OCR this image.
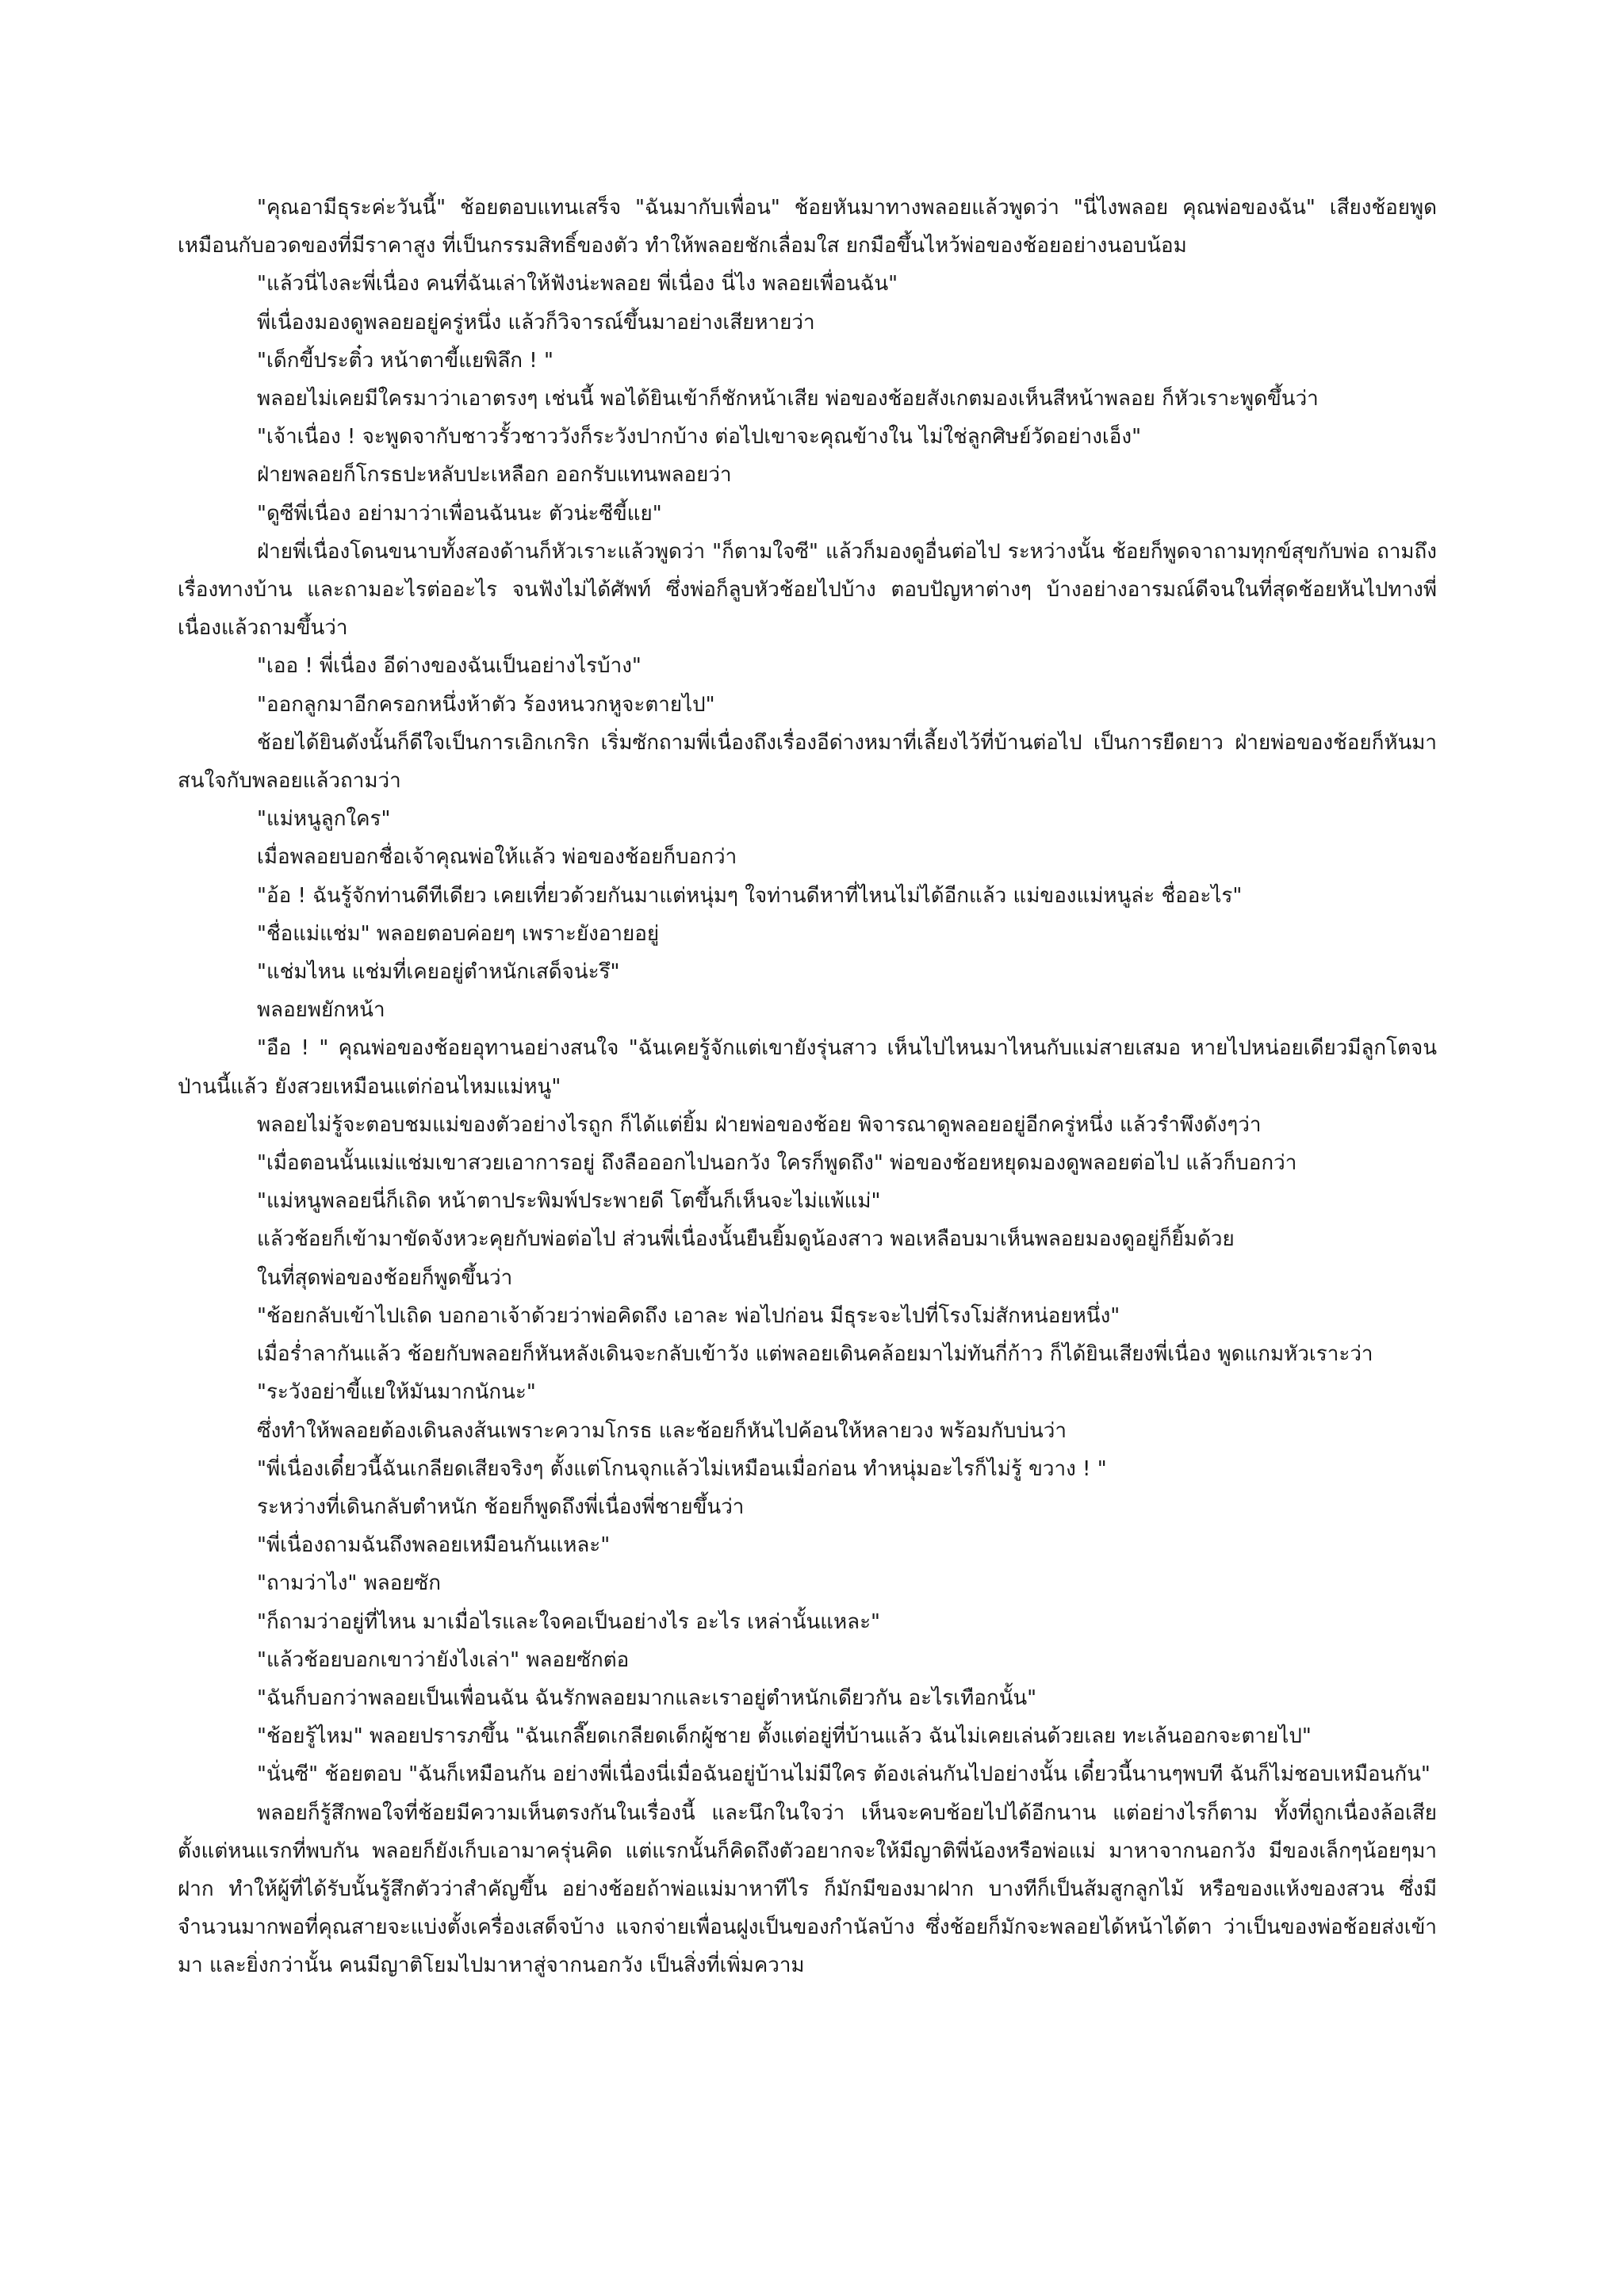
"คุณอามีธุระค่ะวันนี้" ช้อยตอบแทนเสร็จ "ฉันมากับเพื่อน" ช้อยหันมาทางพลอยแล้วพูดว่า "นี่ไงพลอย คุณพ่อของฉัน" เสียงช้อยพูดเหมือนกับอวดของที่มีราคาสูง ที่เป็นกรรมสิทธิ์ของตัว ทำให้พลอยชักเลื่อมใส ยกมือขึ้นไหว้พ่อของช้อยอย่างนอบน้อม

"แล้วนี่ไงละพี่เนื่อง คนที่ฉันเล่าให้ฟังน่ะพลอย พี่เนื่อง นี่ไง พลอยเพื่อนฉัน"

พี่เนื่องมองดูพลอยอยู่ครู่หนึ่ง แล้วก็วิจารณ์ขึ้นมาอย่างเสียหายว่า

"เด็กขี้ประติ๋ว หน้าตาขี้แยพิลึก ! "

พลอยไม่เคยมีใครมาว่าเอาตรงๆ เช่นนี้ พอได้ยินเข้าก็ชักหน้าเสีย พ่อของช้อยสังเกตมองเห็นสีหน้าพลอย ก็หัวเราะพูดขึ้นว่า

"เจ้าเนื่อง ! จะพูดจากับชาวรั้วชาววังก็ระวังปากบ้าง ต่อไปเขาจะคุณข้างใน ไม่ใช่ลูกศิษย์วัดอย่างเอ็ง"

ฝ่ายพลอยก็โกรธปะหลับปะเหลือก ออกรับแทนพลอยว่า

"ดูซีพี่เนื่อง อย่ามาว่าเพื่อนฉันนะ ตัวน่ะซีขี้แย"

ฝ่ายพี่เนื่องโดนขนาบทั้งสองด้านก็หัวเราะแล้วพูดว่า "ก็ตามใจซี" แล้วก็มองดูอื่นต่อไป ระหว่างนั้น ช้อยก็พูดจาถามทุกข์สุขกับพ่อ ถามถึงเรื่องทางบ้าน และถามอะไรต่ออะไร จนฟังไม่ได้ศัพท์ ซึ่งพ่อก็ลูบหัวช้อยไปบ้าง ตอบปัญหาต่างๆ บ้างอย่างอารมณ์ดีจนในที่สุดช้อยหันไปทางพี่เนื่องแล้วถามขึ้นว่า

"เออ ! พี่เนื่อง อีด่างของฉันเป็นอย่างไรบ้าง"

"ออกลูกมาอีกครอกหนึ่งห้าตัว ร้องหนวกหูจะตายไป"

ช้อยได้ยินดังนั้นก็ดีใจเป็นการเอิกเกริก เริ่มซักถามพี่เนื่องถึงเรื่องอีด่างหมาที่เลี้ยงไว้ที่บ้านต่อไป เป็นการยืดยาว ฝ่ายพ่อของช้อยก็หันมาสนใจกับพลอยแล้วถามว่า

"แม่หนูลูกใคร"

เมื่อพลอยบอกชื่อเจ้าคุณพ่อให้แล้ว พ่อของช้อยก็บอกว่า

"อ้อ ! ฉันรู้จักท่านดีทีเดียว เคยเที่ยวด้วยกันมาแต่หนุ่มๆ ใจท่านดีหาที่ไหนไม่ได้อีกแล้ว แม่ของแม่หนูล่ะ ชื่ออะไร"

"ชื่อแม่แช่ม" พลอยตอบค่อยๆ เพราะยังอายอยู่

"แช่มไหน แช่มที่เคยอยู่ตำหนักเสด็จน่ะรึ"

พลอยพยักหน้า

"อือ ! " คุณพ่อของช้อยอุทานอย่างสนใจ "ฉันเคยรู้จักแต่เขายังรุ่นสาว เห็นไปไหนมาไหนกับแม่สายเสมอ หายไปหน่อยเดียวมีลูกโตจนป่านนี้แล้ว ยังสวยเหมือนแต่ก่อนไหมแม่หนู"

พลอยไม่รู้จะตอบชมแม่ของตัวอย่างไรถูก ก็ได้แต่ยิ้ม ฝ่ายพ่อของช้อย พิจารณาดูพลอยอยู่อีกครู่หนึ่ง แล้วรำพึงดังๆว่า

"เมื่อตอนนั้นแม่แช่มเขาสวยเอาการอยู่ ถึงลือออกไปนอกวัง ใครก็พูดถึง" พ่อของช้อยหยุดมองดูพลอยต่อไป แล้วก็บอกว่า

"แม่หนูพลอยนี่ก็เถิด หน้าตาประพิมพ์ประพายดี โตขึ้นก็เห็นจะไม่แพ้แม่"

แล้วช้อยก็เข้ามาขัดจังหวะคุยกับพ่อต่อไป ส่วนพี่เนื่องนั้นยืนยิ้มดูน้องสาว พอเหลือบมาเห็นพลอยมองดูอยู่ก็ยิ้มด้วย

ในที่สุดพ่อของช้อยก็พูดขึ้นว่า

"ช้อยกลับเข้าไปเถิด บอกอาเจ้าด้วยว่าพ่อคิดถึง เอาละ พ่อไปก่อน มีธุระจะไปที่โรงโม่สักหน่อยหนึ่ง"

เมื่อร่ำลากันแล้ว ช้อยกับพลอยก็หันหลังเดินจะกลับเข้าวัง แต่พลอยเดินคล้อยมาไม่ทันกี่ก้าว ก็ได้ยินเสียงพี่เนื่อง พูดแกมหัวเราะว่า

"ระวังอย่าขี้แยให้มันมากนักนะ"

ซึ่งทำให้พลอยต้องเดินลงส้นเพราะความโกรธ และช้อยก็หันไปค้อนให้หลายวง พร้อมกับบ่นว่า

"พี่เนื่องเดี๋ยวนี้ฉันเกลียดเสียจริงๆ ตั้งแต่โกนจุกแล้วไม่เหมือนเมื่อก่อน ทำหนุ่มอะไรก็ไม่รู้ ขวาง ! "

ระหว่างที่เดินกลับตำหนัก ช้อยก็พูดถึงพี่เนื่องพี่ชายขึ้นว่า

"พี่เนื่องถามฉันถึงพลอยเหมือนกันแหละ"

"ถามว่าไง" พลอยซัก

"ก็ถามว่าอยู่ที่ไหน มาเมื่อไรและใจคอเป็นอย่างไร อะไร เหล่านั้นแหละ"

"แล้วช้อยบอกเขาว่ายังไงเล่า" พลอยซักต่อ

"ฉันก็บอกว่าพลอยเป็นเพื่อนฉัน ฉันรักพลอยมากและเราอยู่ตำหนักเดียวกัน อะไรเทือกนั้น"

"ช้อยรู้ไหม" พลอยปรารภขึ้น "ฉันเกลี๊ยดเกลียดเด็กผู้ชาย ตั้งแต่อยู่ที่บ้านแล้ว ฉันไม่เคยเล่นด้วยเลย ทะเล้นออกจะตายไป"

"นั่นซี" ช้อยตอบ "ฉันก็เหมือนกัน อย่างพี่เนื่องนี่เมื่อฉันอยู่บ้านไม่มีใคร ต้องเล่นกันไปอย่างนั้น เดี๋ยวนี้นานๆพบที ฉันก็ไม่ชอบเหมือนกัน"

พลอยก็รู้สึกพอใจที่ช้อยมีความเห็นตรงกันในเรื่องนี้ และนึกในใจว่า เห็นจะคบช้อยไปได้อีกนาน แต่อย่างไรก็ตาม ทั้งที่ถูกเนื่องล้อเสียตั้งแต่หนแรกที่พบกัน พลอยก็ยังเก็บเอามาครุ่นคิด แต่แรกนั้นก็คิดถึงตัวอยากจะให้มีญาติพี่น้องหรือพ่อแม่ มาหาจากนอกวัง มีของเล็กๆน้อยๆมาฝาก ทำให้ผู้ที่ได้รับนั้นรู้สึกตัวว่าสำคัญขึ้น อย่างช้อยถ้าพ่อแม่มาหาทีไร ก็มักมีของมาฝาก บางทีก็เป็นส้มสูกลูกไม้ หรือของแห้งของสวน ซึ่งมีจำนวนมากพอที่คุณสายจะแบ่งตั้งเครื่องเสด็จบ้าง แจกจ่ายเพื่อนฝูงเป็นของกำนัลบ้าง ซึ่งช้อยก็มักจะพลอยได้หน้าได้ตา ว่าเป็นของพ่อช้อยส่งเข้ามา และยิ่งกว่านั้น คนมีญาติโยมไปมาหาสู่จากนอกวัง เป็นสิ่งที่เพิ่มความ
